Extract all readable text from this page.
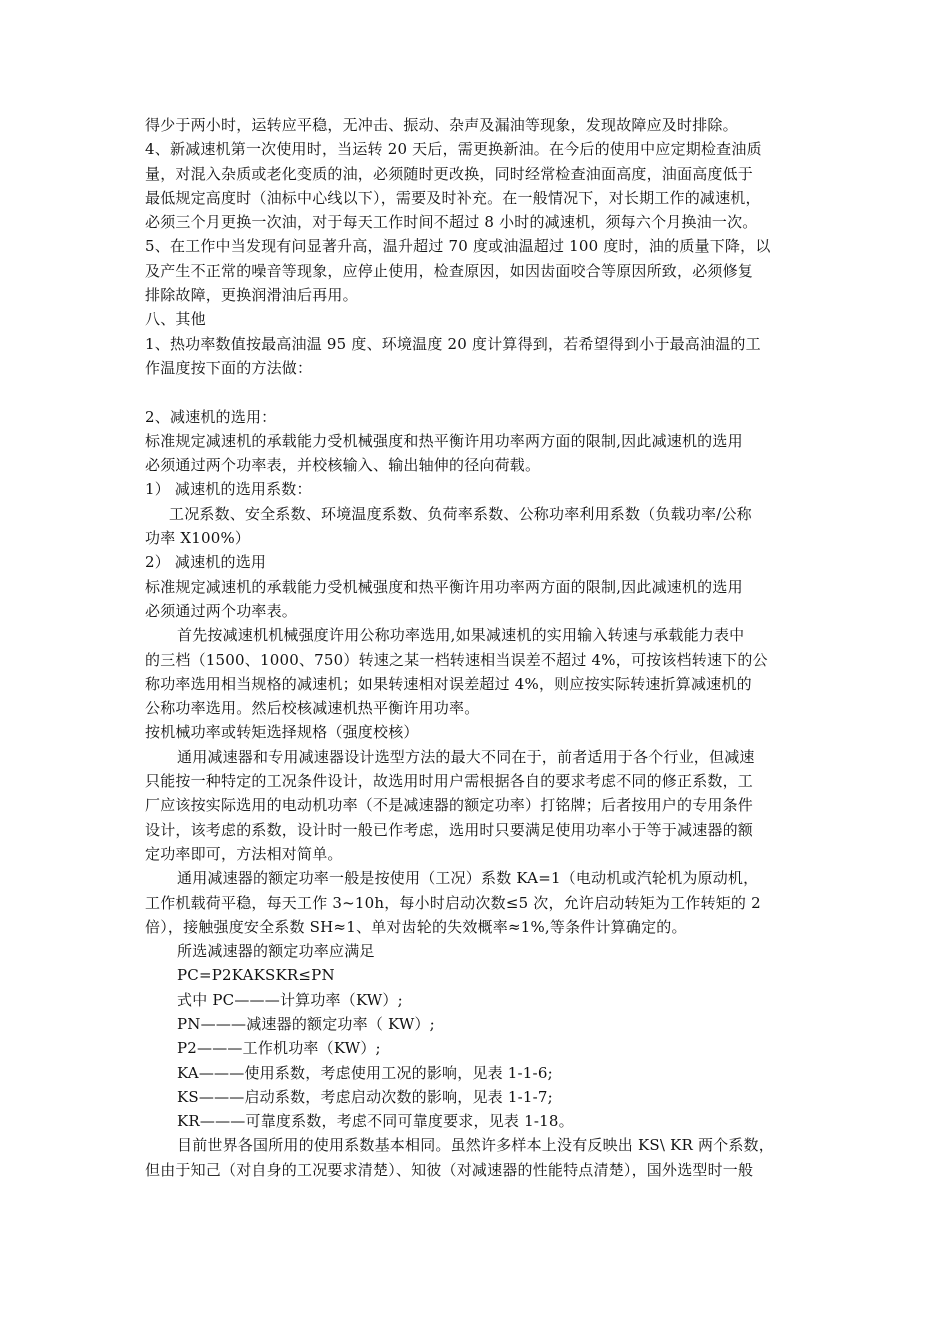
得少于两小时，运转应平稳，无冲击、振动、杂声及漏油等现象，发现故障应及时排除。
4、新减速机第一次使用时，当运转 20 天后，需更换新油。在今后的使用中应定期检查油质
量，对混入杂质或老化变质的油，必须随时更改换，同时经常检查油面高度，油面高度低于
最低规定高度时（油标中心线以下），需要及时补充。在一般情况下，对长期工作的减速机，
必须三个月更换一次油，对于每天工作时间不超过 8 小时的减速机，须每六个月换油一次。
5、在工作中当发现有问显著升高，温升超过 70 度或油温超过 100 度时，油的质量下降，以
及产生不正常的噪音等现象，应停止使用，检查原因，如因齿面咬合等原因所致，必须修复
排除故障，更换润滑油后再用。
八、其他
1、热功率数值按最高油温 95 度、环境温度 20 度计算得到，若希望得到小于最高油温的工
作温度按下面的方法做：
2、减速机的选用：
标准规定减速机的承载能力受机械强度和热平衡许用功率两方面的限制,因此减速机的选用
必须通过两个功率表，并校核输入、输出轴伸的径向荷载。
1） 减速机的选用系数：
工况系数、安全系数、环境温度系数、负荷率系数、公称功率利用系数（负载功率/公称
功率 X100%）
2） 减速机的选用
标准规定减速机的承载能力受机械强度和热平衡许用功率两方面的限制,因此减速机的选用
必须通过两个功率表。
首先按减速机机械强度许用公称功率选用,如果减速机的实用输入转速与承载能力表中
的三档（1500、1000、750）转速之某一档转速相当误差不超过 4%，可按该档转速下的公
称功率选用相当规格的减速机；如果转速相对误差超过 4%，则应按实际转速折算减速机的
公称功率选用。然后校核减速机热平衡许用功率。
按机械功率或转矩选择规格（强度校核）
通用减速器和专用减速器设计选型方法的最大不同在于，前者适用于各个行业，但减速
只能按一种特定的工况条件设计，故选用时用户需根据各自的要求考虑不同的修正系数，工
厂应该按实际选用的电动机功率（不是减速器的额定功率）打铭牌；后者按用户的专用条件
设计，该考虑的系数，设计时一般已作考虑，选用时只要满足使用功率小于等于减速器的额
定功率即可，方法相对简单。
通用减速器的额定功率一般是按使用（工况）系数 KA=1（电动机或汽轮机为原动机，
工作机载荷平稳，每天工作 3~10h，每小时启动次数≤5 次，允许启动转矩为工作转矩的 2
倍），接触强度安全系数 SH≈1、单对齿轮的失效概率≈1%,等条件计算确定的。
所选减速器的额定功率应满足
PC=P2KAKSKR≤PN
式中 PC———计算功率（KW）;
PN———减速器的额定功率（ KW）;
P2———工作机功率（KW）;
KA———使用系数，考虑使用工况的影响，见表 1-1-6;
KS———启动系数，考虑启动次数的影响，见表 1-1-7;
KR———可靠度系数，考虑不同可靠度要求，见表 1-18。
目前世界各国所用的使用系数基本相同。虽然许多样本上没有反映出 KS\ KR 两个系数，
但由于知己（对自身的工况要求清楚）、知彼（对减速器的性能特点清楚），国外选型时一般
